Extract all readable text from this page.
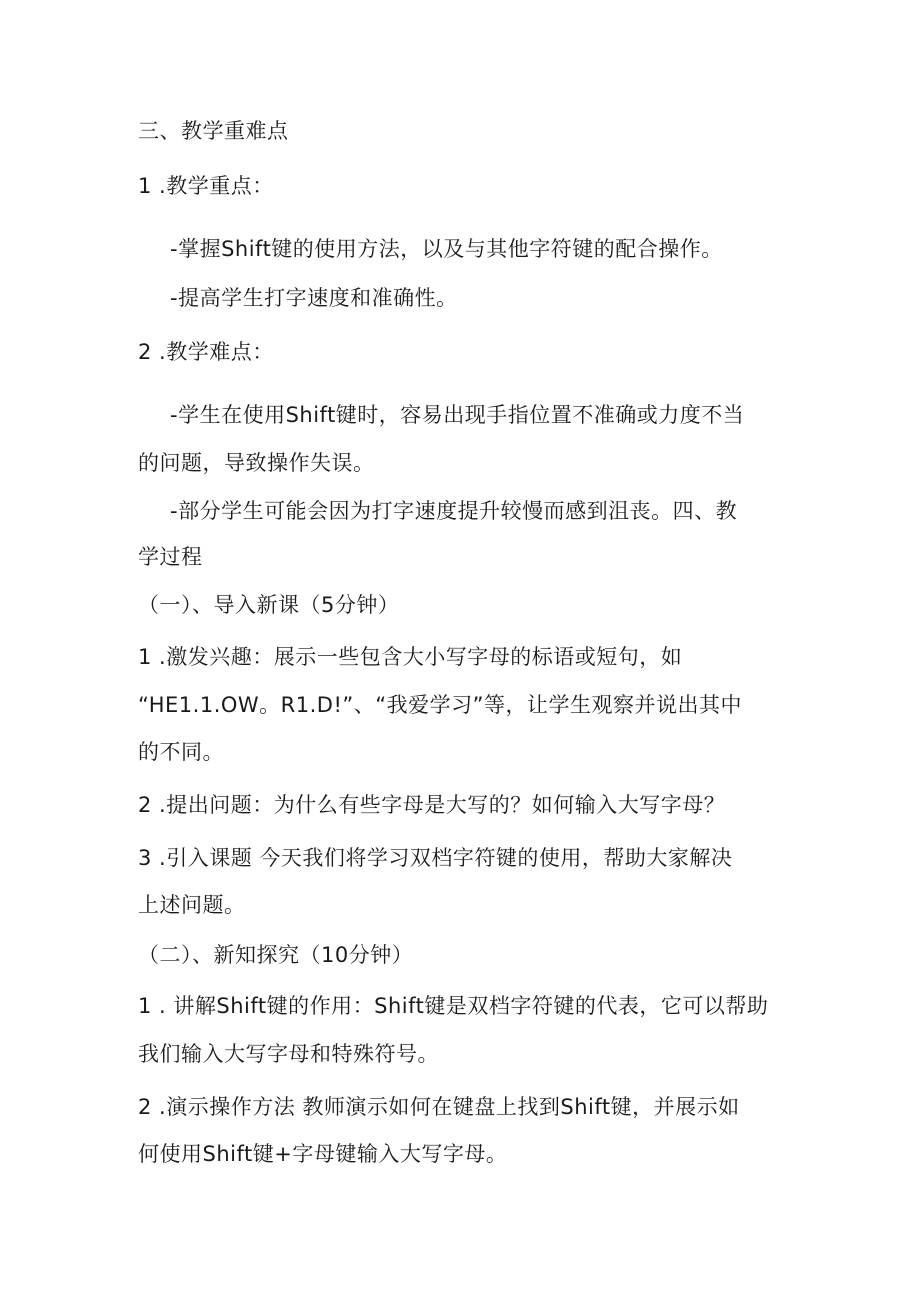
三、教学重难点
1 .教学重点：
-掌握Shift键的使用方法，以及与其他字符键的配合操作。
-提高学生打字速度和准确性。
2 .教学难点：
-学生在使用Shift键时，容易出现手指位置不准确或力度不当
的问题，导致操作失误。
-部分学生可能会因为打字速度提升较慢而感到沮丧。四、教
学过程
（一）、导入新课（5分钟）
1 .激发兴趣：展示一些包含大小写字母的标语或短句，如
“HE1.1.OW。R1.D!”、“我爱学习”等，让学生观察并说出其中
的不同。
2 .提出问题：为什么有些字母是大写的？如何输入大写字母？
3 .引入课题 今天我们将学习双档字符键的使用，帮助大家解决
上述问题。
（二）、新知探究（10分钟）
1 . 讲解Shift键的作用：Shift键是双档字符键的代表，它可以帮助
我们输入大写字母和特殊符号。
2 .演示操作方法 教师演示如何在键盘上找到Shift键，并展示如
何使用Shift键+字母键输入大写字母。
